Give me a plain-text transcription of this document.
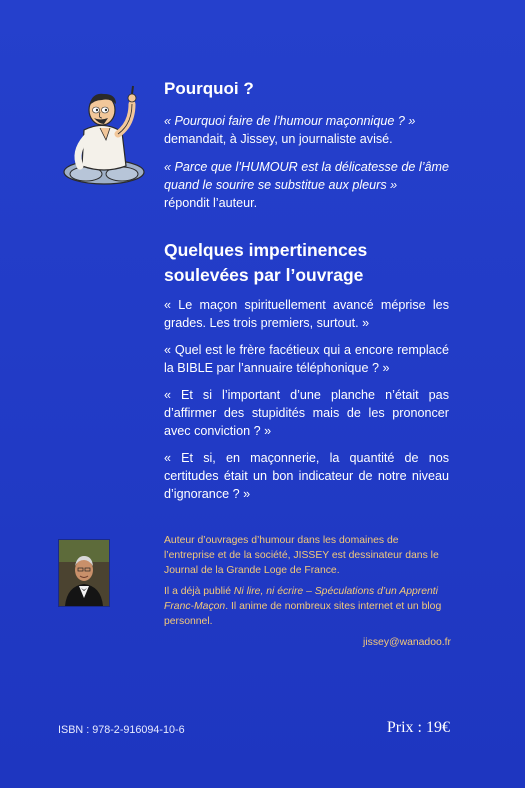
Pourquoi ?

« Pourquoi faire de l’humour maçonnique ? »
demandait, à Jissey, un journaliste avisé.

« Parce que l’HUMOUR est la délicatesse de l’âme quand le sourire se substitue aux pleurs »
répondit l’auteur.

Quelques impertinences
soulevées par l’ouvrage

« Le maçon spirituellement avancé méprise les grades. Les trois premiers, surtout. »

« Quel est le frère facétieux qui a encore remplacé la BIBLE par l’annuaire téléphonique ? »

« Et si l’important d’une planche n’était pas d’affirmer des stupidités mais de les prononcer avec conviction ? »

« Et si, en maçonnerie, la quantité de nos certitudes était un bon indicateur de notre niveau d’ignorance ? »

Auteur d’ouvrages d’humour dans les domaines de l’entreprise et de la société, JISSEY est dessinateur dans le Journal de la Grande Loge de France.

Il a déjà publié Ni lire, ni écrire – Spéculations d’un Apprenti Franc-Maçon. Il anime de nombreux sites internet et un blog personnel.

jissey@wanadoo.fr
ISBN : 978-2-916094-10-6	Prix : 19€
